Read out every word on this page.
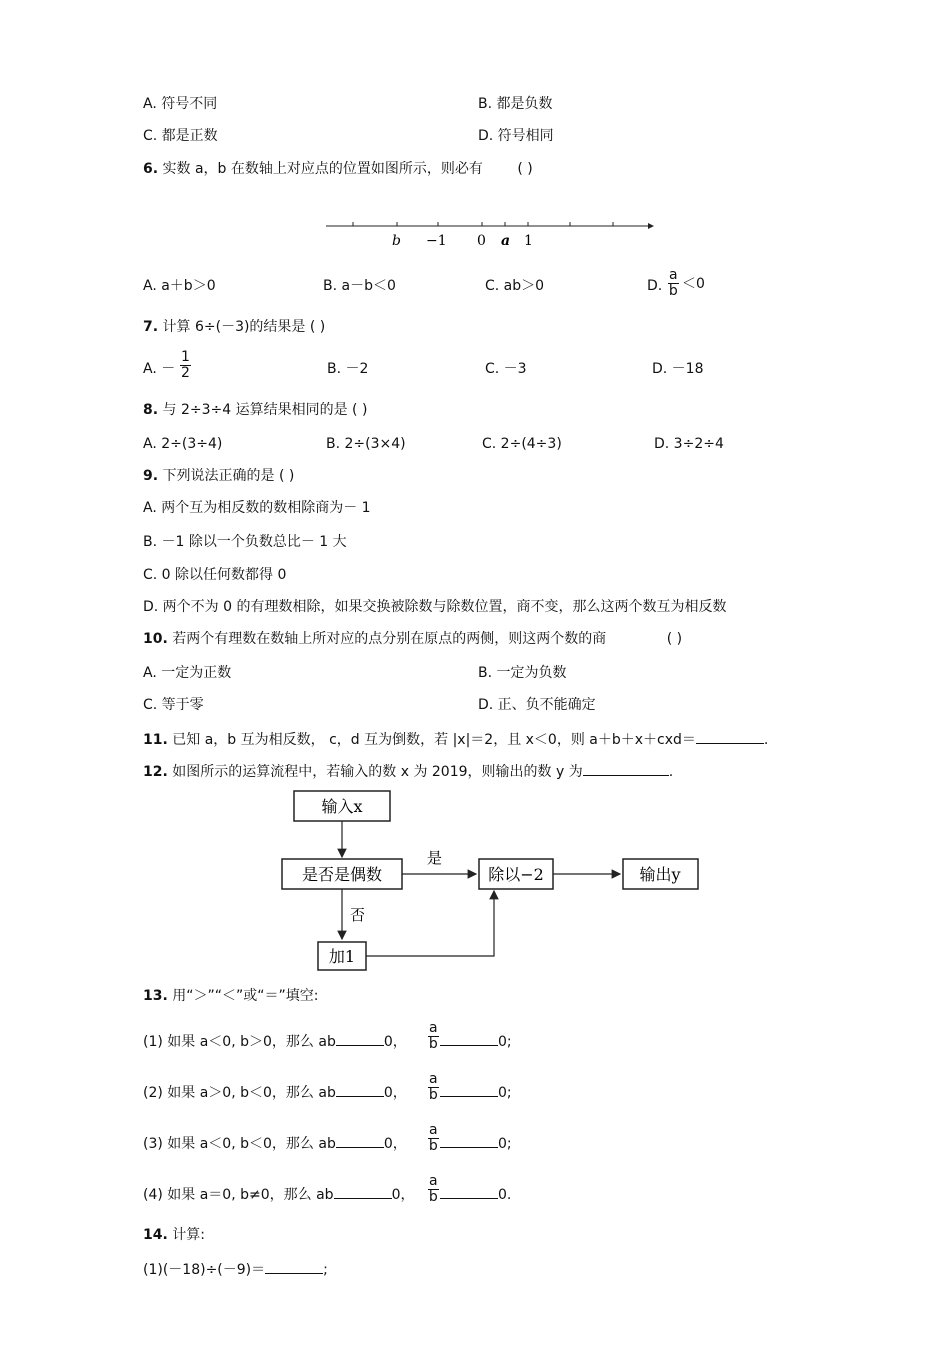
A. 符号不同	B. 都是负数
C. 都是正数	D. 符号相同
6. 实数 a，b 在数轴上对应点的位置如图所示，则必有 ( )
b −1 0 a 1
A. a＋b＞0	B. a－b＜0	C. ab＞0	D. $\frac{a}{b} <0$
7. 计算 6÷(－3)的结果是 ( )
A. － $\frac{1}{2}$	B. －2	C. －3	D. －18
8. 与 2÷3÷4 运算结果相同的是 ( )
A. 2÷(3÷4)	B. 2÷(3×4)	C. 2÷(4÷3)	D. 3÷2÷4
9. 下列说法正确的是 ( )
A. 两个互为相反数的数相除商为－ 1
B. －1 除以一个负数总比－ 1 大
C. 0 除以任何数都得 0
D. 两个不为 0 的有理数相除，如果交换被除数与除数位置，商不变，那么这两个数互为相反数
10. 若两个有理数在数轴上所对应的点分别在原点的两侧，则这两个数的商	( )
A. 一定为正数	B. 一定为负数
C. 等于零	D. 正、负不能确定
11. 已知 a，b 互为相反数， c，d 互为倒数，若 |x|＝2，且 x＜0，则 a＋b＋x＋cxd＝	.
12. 如图所示的运算流程中，若输入的数 x 为 2019，则输出的数 y 为	.
输入x
是否是偶数
是
除以−2	输出y
否
加1
13. 用“＞”“＜”或“＝”填空:
(1) 如果 a＜0, b＞0，那么 ab	0， $\frac{a}{b}$	0;
(2) 如果 a＞0, b＜0，那么 ab	0， $\frac{a}{b}$	0;
(3) 如果 a＜0, b＜0，那么 ab	0， $\frac{a}{b}$	0;
(4) 如果 a＝0, b≠0，那么 ab	0， $\frac{a}{b}$	0.
14. 计算:
(1)(－18)÷(－9)＝	;
